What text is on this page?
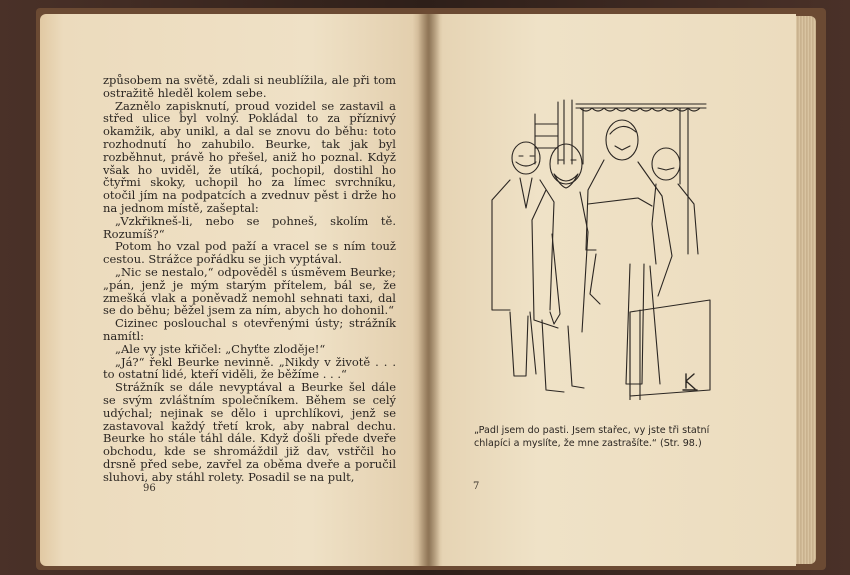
způsobem na světě, zdali si neublížila, ale při tom ostražitě hleděl kolem sebe.

Zaznělo zapisknutí, proud vozidel se zastavil a střed ulice byl volný. Pokládal to za příznivý okamžik, aby unikl, a dal se znovu do běhu: toto rozhodnutí ho zahubilo. Beurke, tak jak byl rozběhnut, právě ho přešel, aniž ho poznal. Když však ho uviděl, že utíká, pochopil, dostihl ho čtyřmi skoky, uchopil ho za límec svrchníku, otočil jím na podpatcích a zvednuv pěst i drže ho na jednom místě, zašeptal:

„Vzkřikneš-li, nebo se pohneš, skolím tě. Rozumíš?“

Potom ho vzal pod paží a vracel se s ním touž cestou. Strážce pořádku se jich vyptával.

„Nic se nestalo,“ odpověděl s úsměvem Beurke; „pán, jenž je mým starým přítelem, bál se, že zmešká vlak a poněvadž nemohl sehnati taxi, dal se do běhu; běžel jsem za ním, abych ho dohonil.“

Cizinec poslouchal s otevřenými ústy; strážník namítl:

„Ale vy jste křičel: „Chyťte zloděje!“

„Já?“ řekl Beurke nevinně. „Nikdy v životě . . . to ostatní lidé, kteří viděli, že běžíme . . .“

Strážník se dále nevyptával a Beurke šel dále se svým zvláštním společníkem. Během se celý udýchal; nejinak se dělo i uprchlíkovi, jenž se zastavoval každý třetí krok, aby nabral dechu. Beurke ho stále táhl dále. Když došli přede dveře obchodu, kde se shromáždil již dav, vstřčil ho drsně před sebe, zavřel za oběma dveře a poručil sluhovi, aby stáhl rolety. Posadil se na pult,

96
„Padl jsem do pasti. Jsem stařec, vy jste tři statní chlapíci a myslíte, že mne zastrašíte.“ (Str. 98.)
7
